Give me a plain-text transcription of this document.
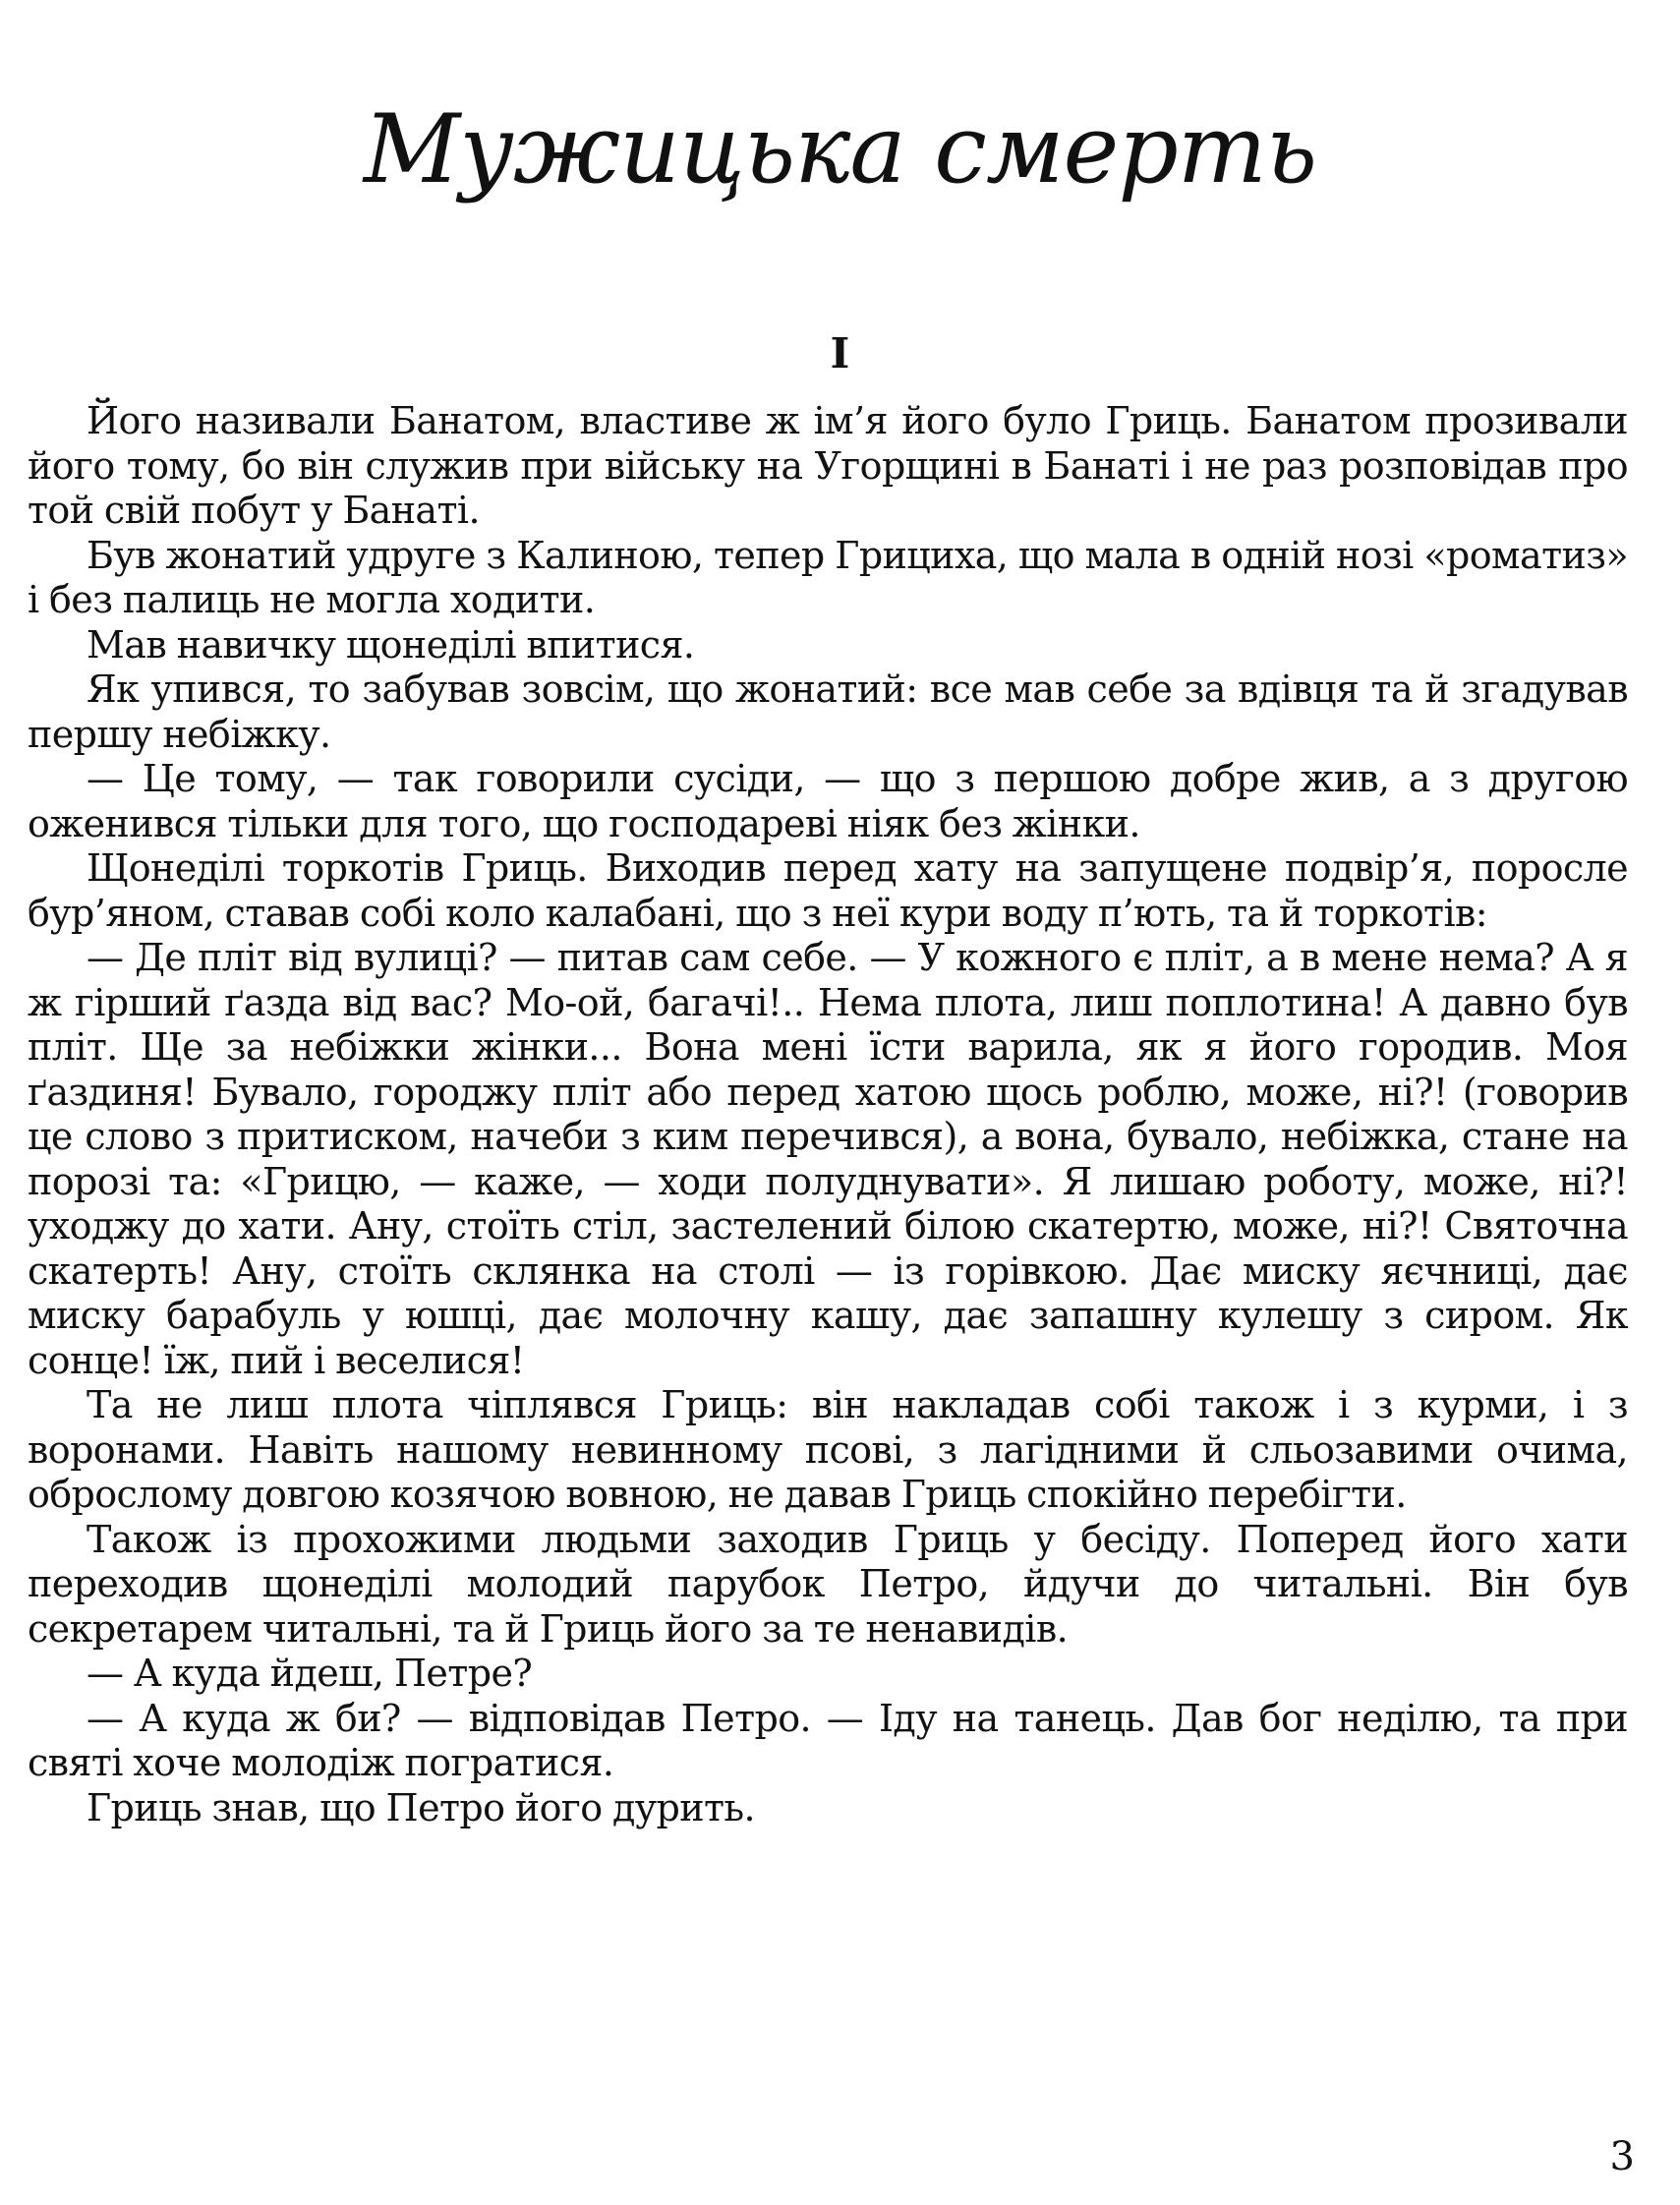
Мужицька смерть
I

Його називали Банатом, властиве ж ім’я його було Гриць. Банатом прозивали його тому, бо він служив при війську на Угорщині в Банаті і не раз розповідав про той свій побут у Банаті.

Був жонатий удруге з Калиною, тепер Грициха, що мала в одній нозі «роматиз» і без палиць не могла ходити.

Мав навичку щонеділі впитися.

Як упився, то забував зовсім, що жонатий: все мав себе за вдівця та й згадував першу небіжку.

— Це тому, — так говорили сусіди, — що з першою добре жив, а з другою оженився тільки для того, що господареві ніяк без жінки.

Щонеділі торкотів Гриць. Виходив перед хату на запущене подвір’я, поросле бур’яном, ставав собі коло калабані, що з неї кури воду п’ють, та й торкотів:

— Де пліт від вулиці? — питав сам себе. — У кожного є пліт, а в мене нема? А я ж гірший ґазда від вас? Мо-ой, багачі!.. Нема плота, лиш поплотина! А давно був пліт. Ще за небіжки жінки... Вона мені їсти варила, як я його городив. Моя ґаздиня! Бувало, городжу пліт або перед хатою щось роблю, може, ні?! (говорив це слово з притиском, начеби з ким перечився), а вона, бувало, небіжка, стане на порозі та: «Грицю, — каже, — ходи полуднувати». Я лишаю роботу, може, ні?! уходжу до хати. Ану, стоїть стіл, застелений білою скатертю, може, ні?! Святочна скатерть! Ану, стоїть склянка на столі — із горівкою. Дає миску яєчниці, дає миску барабуль у юшці, дає молочну кашу, дає запашну кулешу з сиром. Як сонце! їж, пий і веселися!

Та не лиш плота чіплявся Гриць: він накладав собі також і з курми, і з воронами. Навіть нашому невинному псові, з лагідними й сльозавими очима, оброслому довгою козячою вовною, не давав Гриць спокійно перебігти.

Також із прохожими людьми заходив Гриць у бесіду. Поперед його хати переходив щонеділі молодий парубок Петро, йдучи до читальні. Він був секретарем читальні, та й Гриць його за те ненавидів.

— А куда йдеш, Петре?

— А куда ж би? — відповідав Петро. — Іду на танець. Дав бог неділю, та при святі хоче молодіж погратися.

Гриць знав, що Петро його дурить.

3
